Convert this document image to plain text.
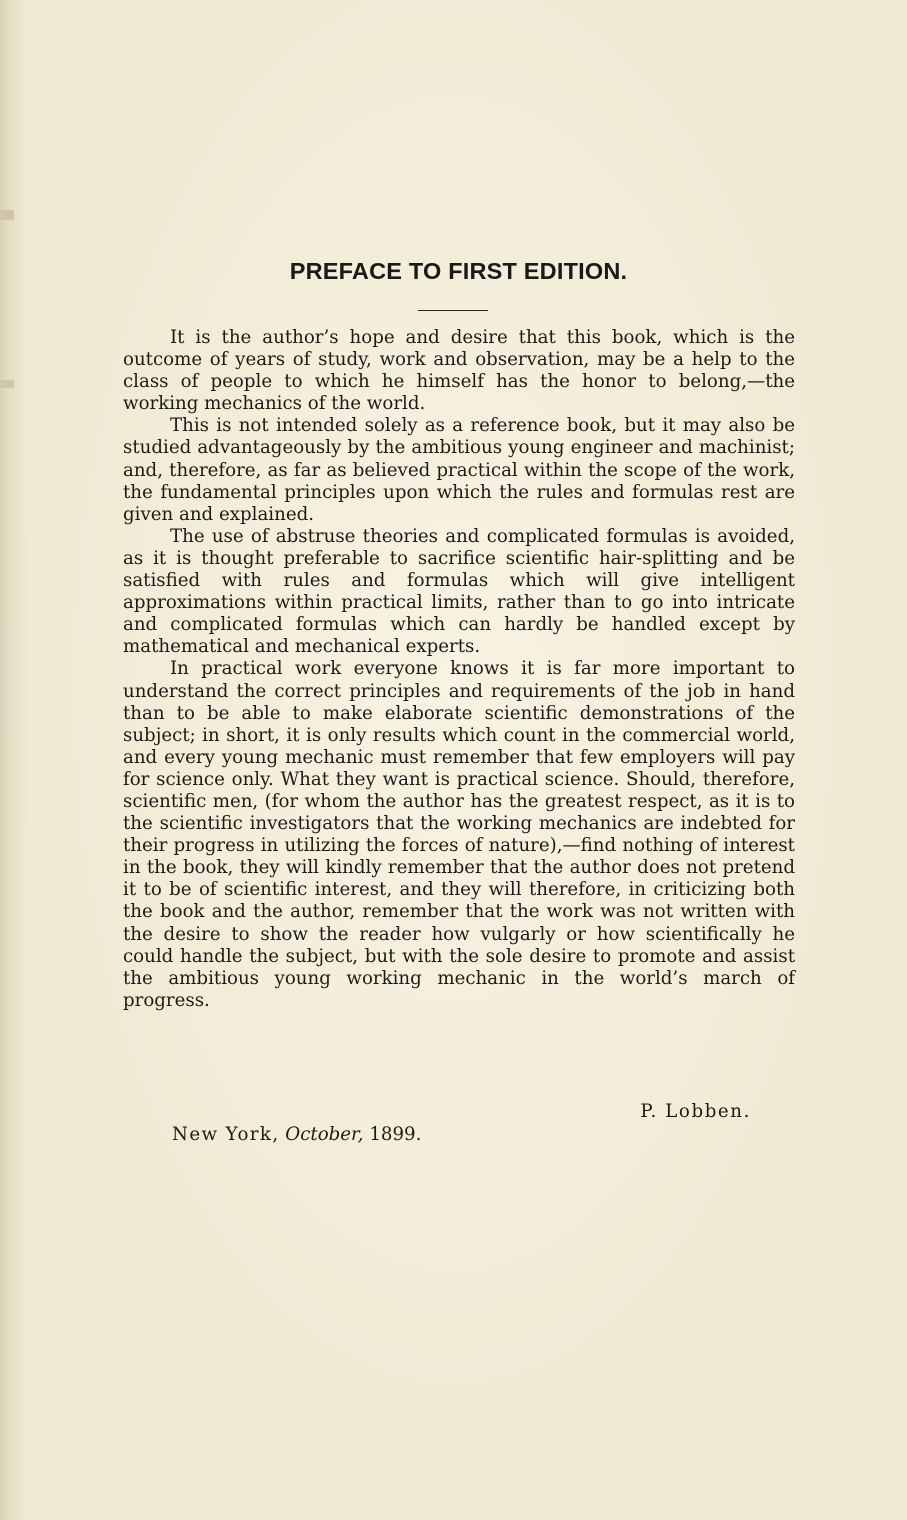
PREFACE TO FIRST EDITION.

It is the author’s hope and desire that this book, which is the outcome of years of study, work and observation, may be a help to the class of people to which he himself has the honor to belong,—the working mechanics of the world.

This is not intended solely as a reference book, but it may also be studied advantageously by the ambitious young engineer and machinist; and, therefore, as far as believed practical within the scope of the work, the fundamental principles upon which the rules and formulas rest are given and explained.

The use of abstruse theories and complicated formulas is avoided, as it is thought preferable to sacrifice scientific hair-splitting and be satisfied with rules and formulas which will give intelligent approximations within practical limits, rather than to go into intricate and complicated formulas which can hardly be handled except by mathematical and mechanical experts.

In practical work everyone knows it is far more important to understand the correct principles and requirements of the job in hand than to be able to make elaborate scientific demonstrations of the subject; in short, it is only results which count in the commercial world, and every young mechanic must remember that few employers will pay for science only. What they want is practical science. Should, therefore, scientific men, (for whom the author has the greatest respect, as it is to the scientific investigators that the working mechanics are indebted for their progress in utilizing the forces of nature),—find nothing of interest in the book, they will kindly remember that the author does not pretend it to be of scientific interest, and they will therefore, in criticizing both the book and the author, remember that the work was not written with the desire to show the reader how vulgarly or how scientifically he could handle the subject, but with the sole desire to promote and assist the ambitious young working mechanic in the world’s march of progress.

P. Lobben.

New York, October, 1899.
